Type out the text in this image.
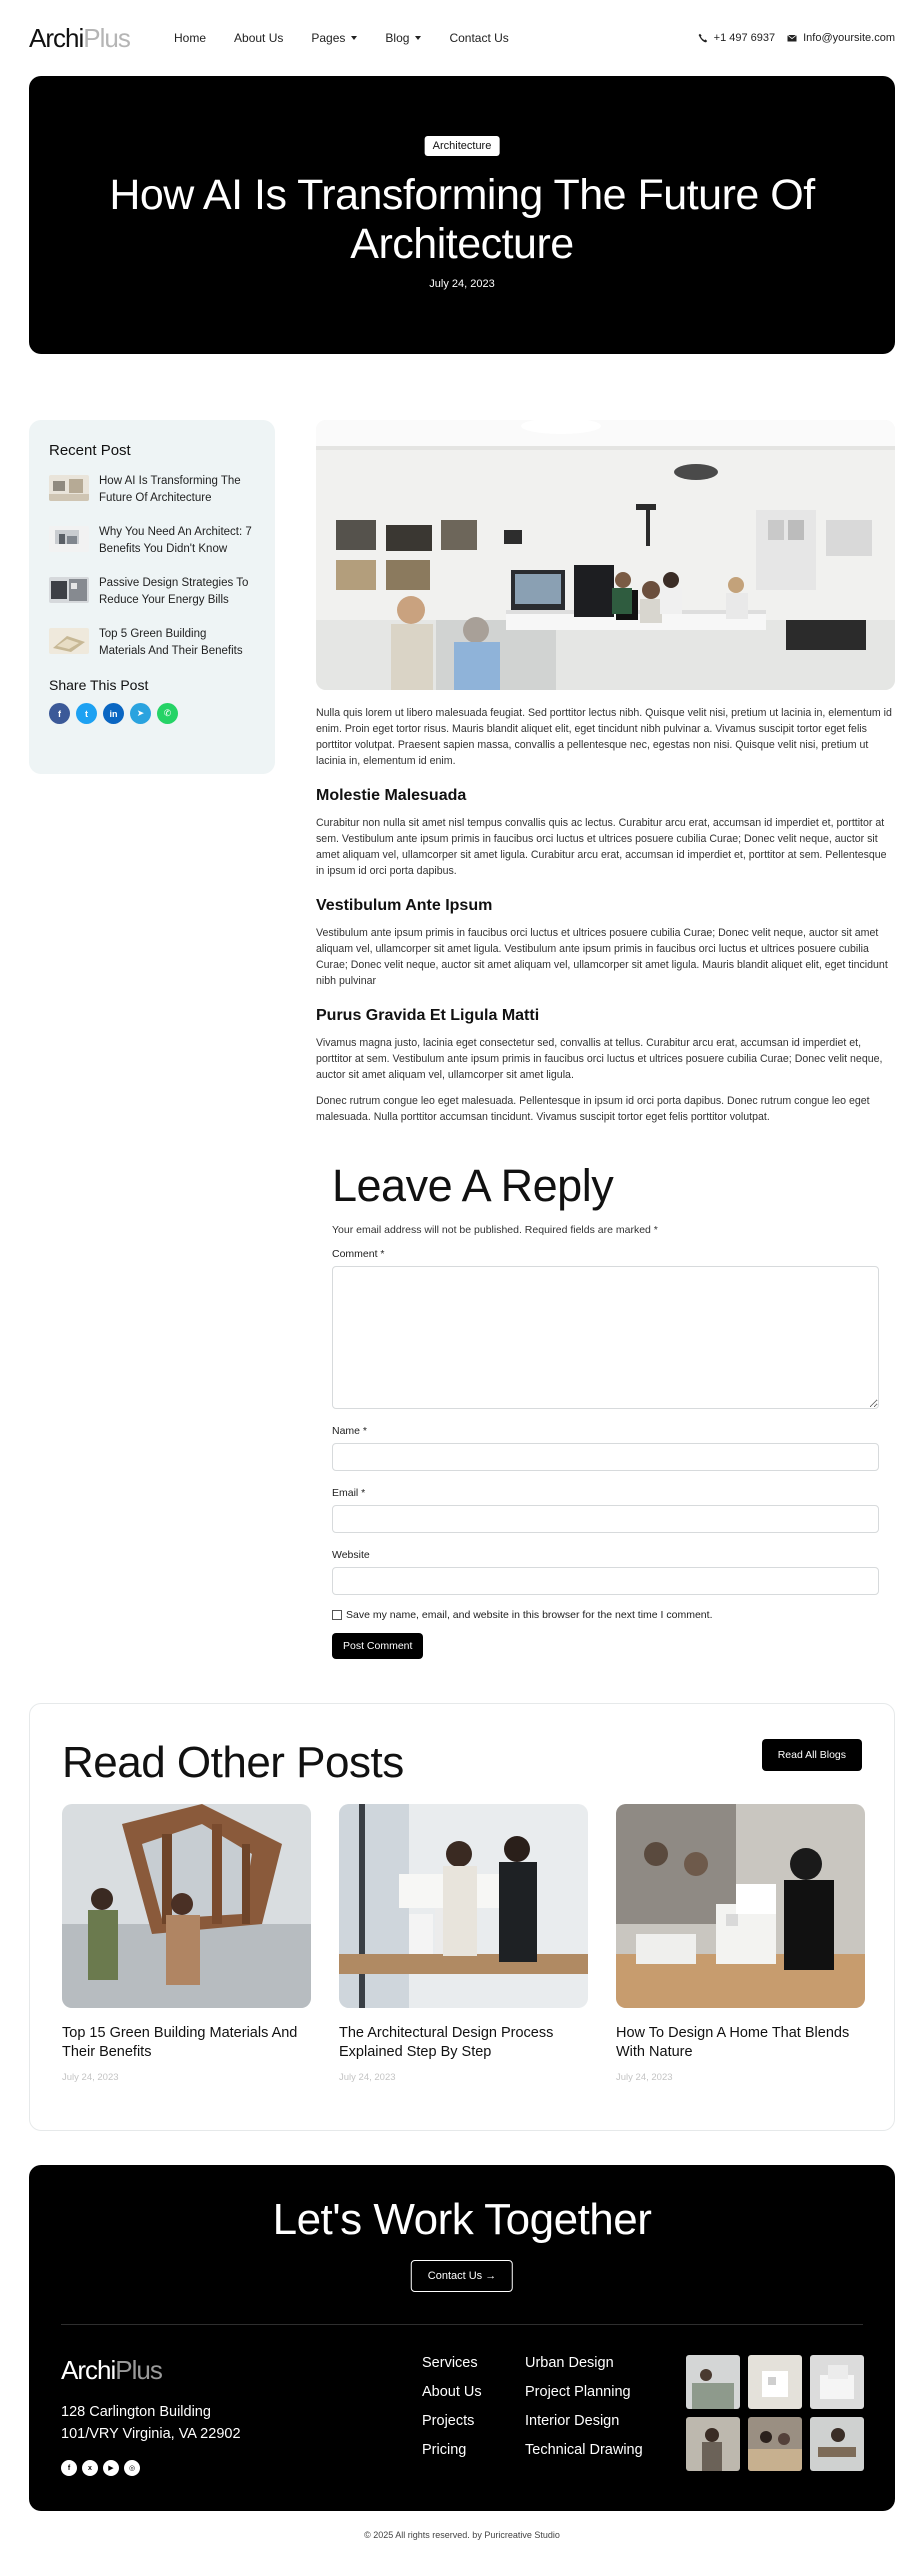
ArchiPlus	Home About Us Pages	Blog	Contact Us	+1 497 6937	Info@yoursite.com
Architecture
How AI Is Transforming The Future Of Architecture
July 24, 2023
Recent Post
How AI Is Transforming The Future Of Architecture
Why You Need An Architect: 7 Benefits You Didn't Know
Passive Design Strategies To Reduce Your Energy Bills
Top 5 Green Building Materials And Their Benefits
Share This Post
f	t	in	➤	✆	Nulla quis lorem ut libero malesuada feugiat. Sed porttitor lectus nibh. Quisque velit nisi, pretium ut lacinia in, elementum id enim. Proin eget tortor risus. Mauris blandit aliquet elit, eget tincidunt nibh pulvinar a. Vivamus suscipit tortor eget felis porttitor volutpat. Praesent sapien massa, convallis a pellentesque nec, egestas non nisi. Quisque velit nisi, pretium ut lacinia in, elementum id enim.

Molestie Malesuada

Curabitur non nulla sit amet nisl tempus convallis quis ac lectus. Curabitur arcu erat, accumsan id imperdiet et, porttitor at sem. Vestibulum ante ipsum primis in faucibus orci luctus et ultrices posuere cubilia Curae; Donec velit neque, auctor sit amet aliquam vel, ullamcorper sit amet ligula. Curabitur arcu erat, accumsan id imperdiet et, porttitor at sem. Pellentesque in ipsum id orci porta dapibus.

Vestibulum Ante Ipsum

Vestibulum ante ipsum primis in faucibus orci luctus et ultrices posuere cubilia Curae; Donec velit neque, auctor sit amet aliquam vel, ullamcorper sit amet ligula. Vestibulum ante ipsum primis in faucibus orci luctus et ultrices posuere cubilia Curae; Donec velit neque, auctor sit amet aliquam vel, ullamcorper sit amet ligula. Mauris blandit aliquet elit, eget tincidunt nibh pulvinar

Purus Gravida Et Ligula Matti

Vivamus magna justo, lacinia eget consectetur sed, convallis at tellus. Curabitur arcu erat, accumsan id imperdiet et, porttitor at sem. Vestibulum ante ipsum primis in faucibus orci luctus et ultrices posuere cubilia Curae; Donec velit neque, auctor sit amet aliquam vel, ullamcorper sit amet ligula.

Donec rutrum congue leo eget malesuada. Pellentesque in ipsum id orci porta dapibus. Donec rutrum congue leo eget malesuada. Nulla porttitor accumsan tincidunt. Vivamus suscipit tortor eget felis porttitor volutpat.

Leave A Reply

Your email address will not be published. Required fields are marked *

Comment *
Name *
Email *
Website
Save my name, email, and website in this browser for the next time I comment.
Post Comment
Read Other Posts	Read All Blogs
Top 15 Green Building Materials And Their Benefits
July 24, 2023
The Architectural Design Process Explained Step By Step
July 24, 2023
How To Design A Home That Blends With Nature
July 24, 2023
Let's Work Together
Contact Us →
ArchiPlus
128 Carlington Building
101/VRY Virginia, VA 22902
f	x	▶	◎
Services
About Us
Projects
Pricing
Urban Design
Project Planning
Interior Design
Technical Drawing
© 2025 All rights reserved. by Puricreative Studio
